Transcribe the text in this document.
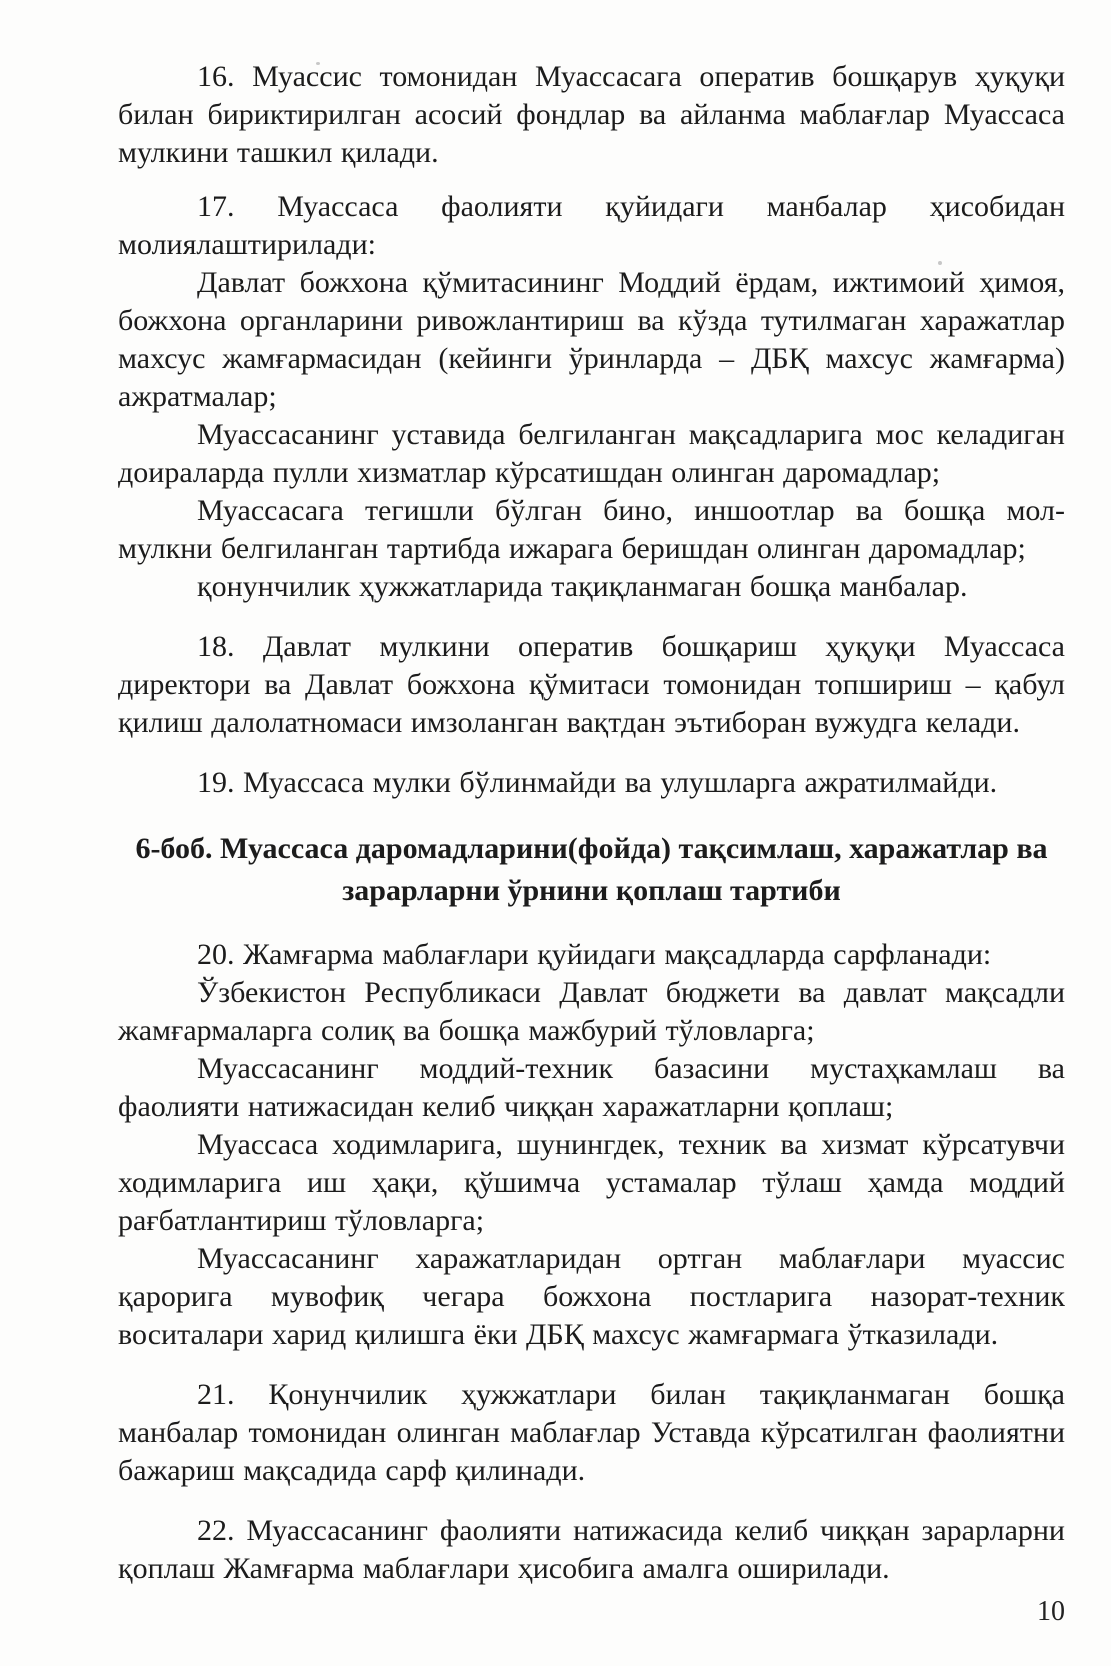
16. Муассис томонидан Муассасага оператив бошқарув ҳуқуқи билан бириктирилган асосий фондлар ва айланма маблағлар Муассаса мулкини ташкил қилади.

17. Муассаса фаолияти қуйидаги манбалар ҳисобидан

молиялаштирилади:

Давлат божхона қўмитасининг Моддий ёрдам, ижтимоий ҳимоя, божхона органларини ривожлантириш ва кўзда тутилмаган харажатлар махсус жамғармасидан (кейинги ўринларда – ДБҚ махсус жамғарма) ажратмалар;

Муассасанинг уставида белгиланган мақсадларига мос келадиган доираларда пулли хизматлар кўрсатишдан олинган даромадлар;

Муассасага тегишли бўлган бино, иншоотлар ва бошқа мол-мулкни белгиланган тартибда ижарага беришдан олинган даромадлар;

қонунчилик ҳужжатларида тақиқланмаган бошқа манбалар.

18. Давлат мулкини оператив бошқариш ҳуқуқи Муассаса директори ва Давлат божхона қўмитаси томонидан топшириш – қабул қилиш далолатномаси имзоланган вақтдан эътиборан вужудга келади.

19. Муассаса мулки бўлинмайди ва улушларга ажратилмайди.

6-боб. Муассаса даромадларини(фойда) тақсимлаш, харажатлар ва
зарарларни ўрнини қоплаш тартиби

20. Жамғарма маблағлари қуйидаги мақсадларда сарфланади:

Ўзбекистон Республикаси Давлат бюджети ва давлат мақсадли жамғармаларга солиқ ва бошқа мажбурий тўловларга;

Муассасанинг моддий-техник базасини мустаҳкамлаш ва фаолияти натижасидан келиб чиққан харажатларни қоплаш;

Муассаса ходимларига, шунингдек, техник ва хизмат кўрсатувчи ходимларига иш ҳақи, қўшимча устамалар тўлаш ҳамда моддий рағбатлантириш тўловларга;

Муассасанинг харажатларидан ортган маблағлари муассис қарорига мувофиқ чегара божхона постларига назорат-техник воситалари харид қилишга ёки ДБҚ махсус жамғармага ўтказилади.

21. Қонунчилик ҳужжатлари билан тақиқланмаган бошқа манбалар томонидан олинган маблағлар Уставда кўрсатилган фаолиятни бажариш мақсадида сарф қилинади.

22. Муассасанинг фаолияти натижасида келиб чиққан зарарларни қоплаш Жамғарма маблағлари ҳисобига амалга оширилади.

10
